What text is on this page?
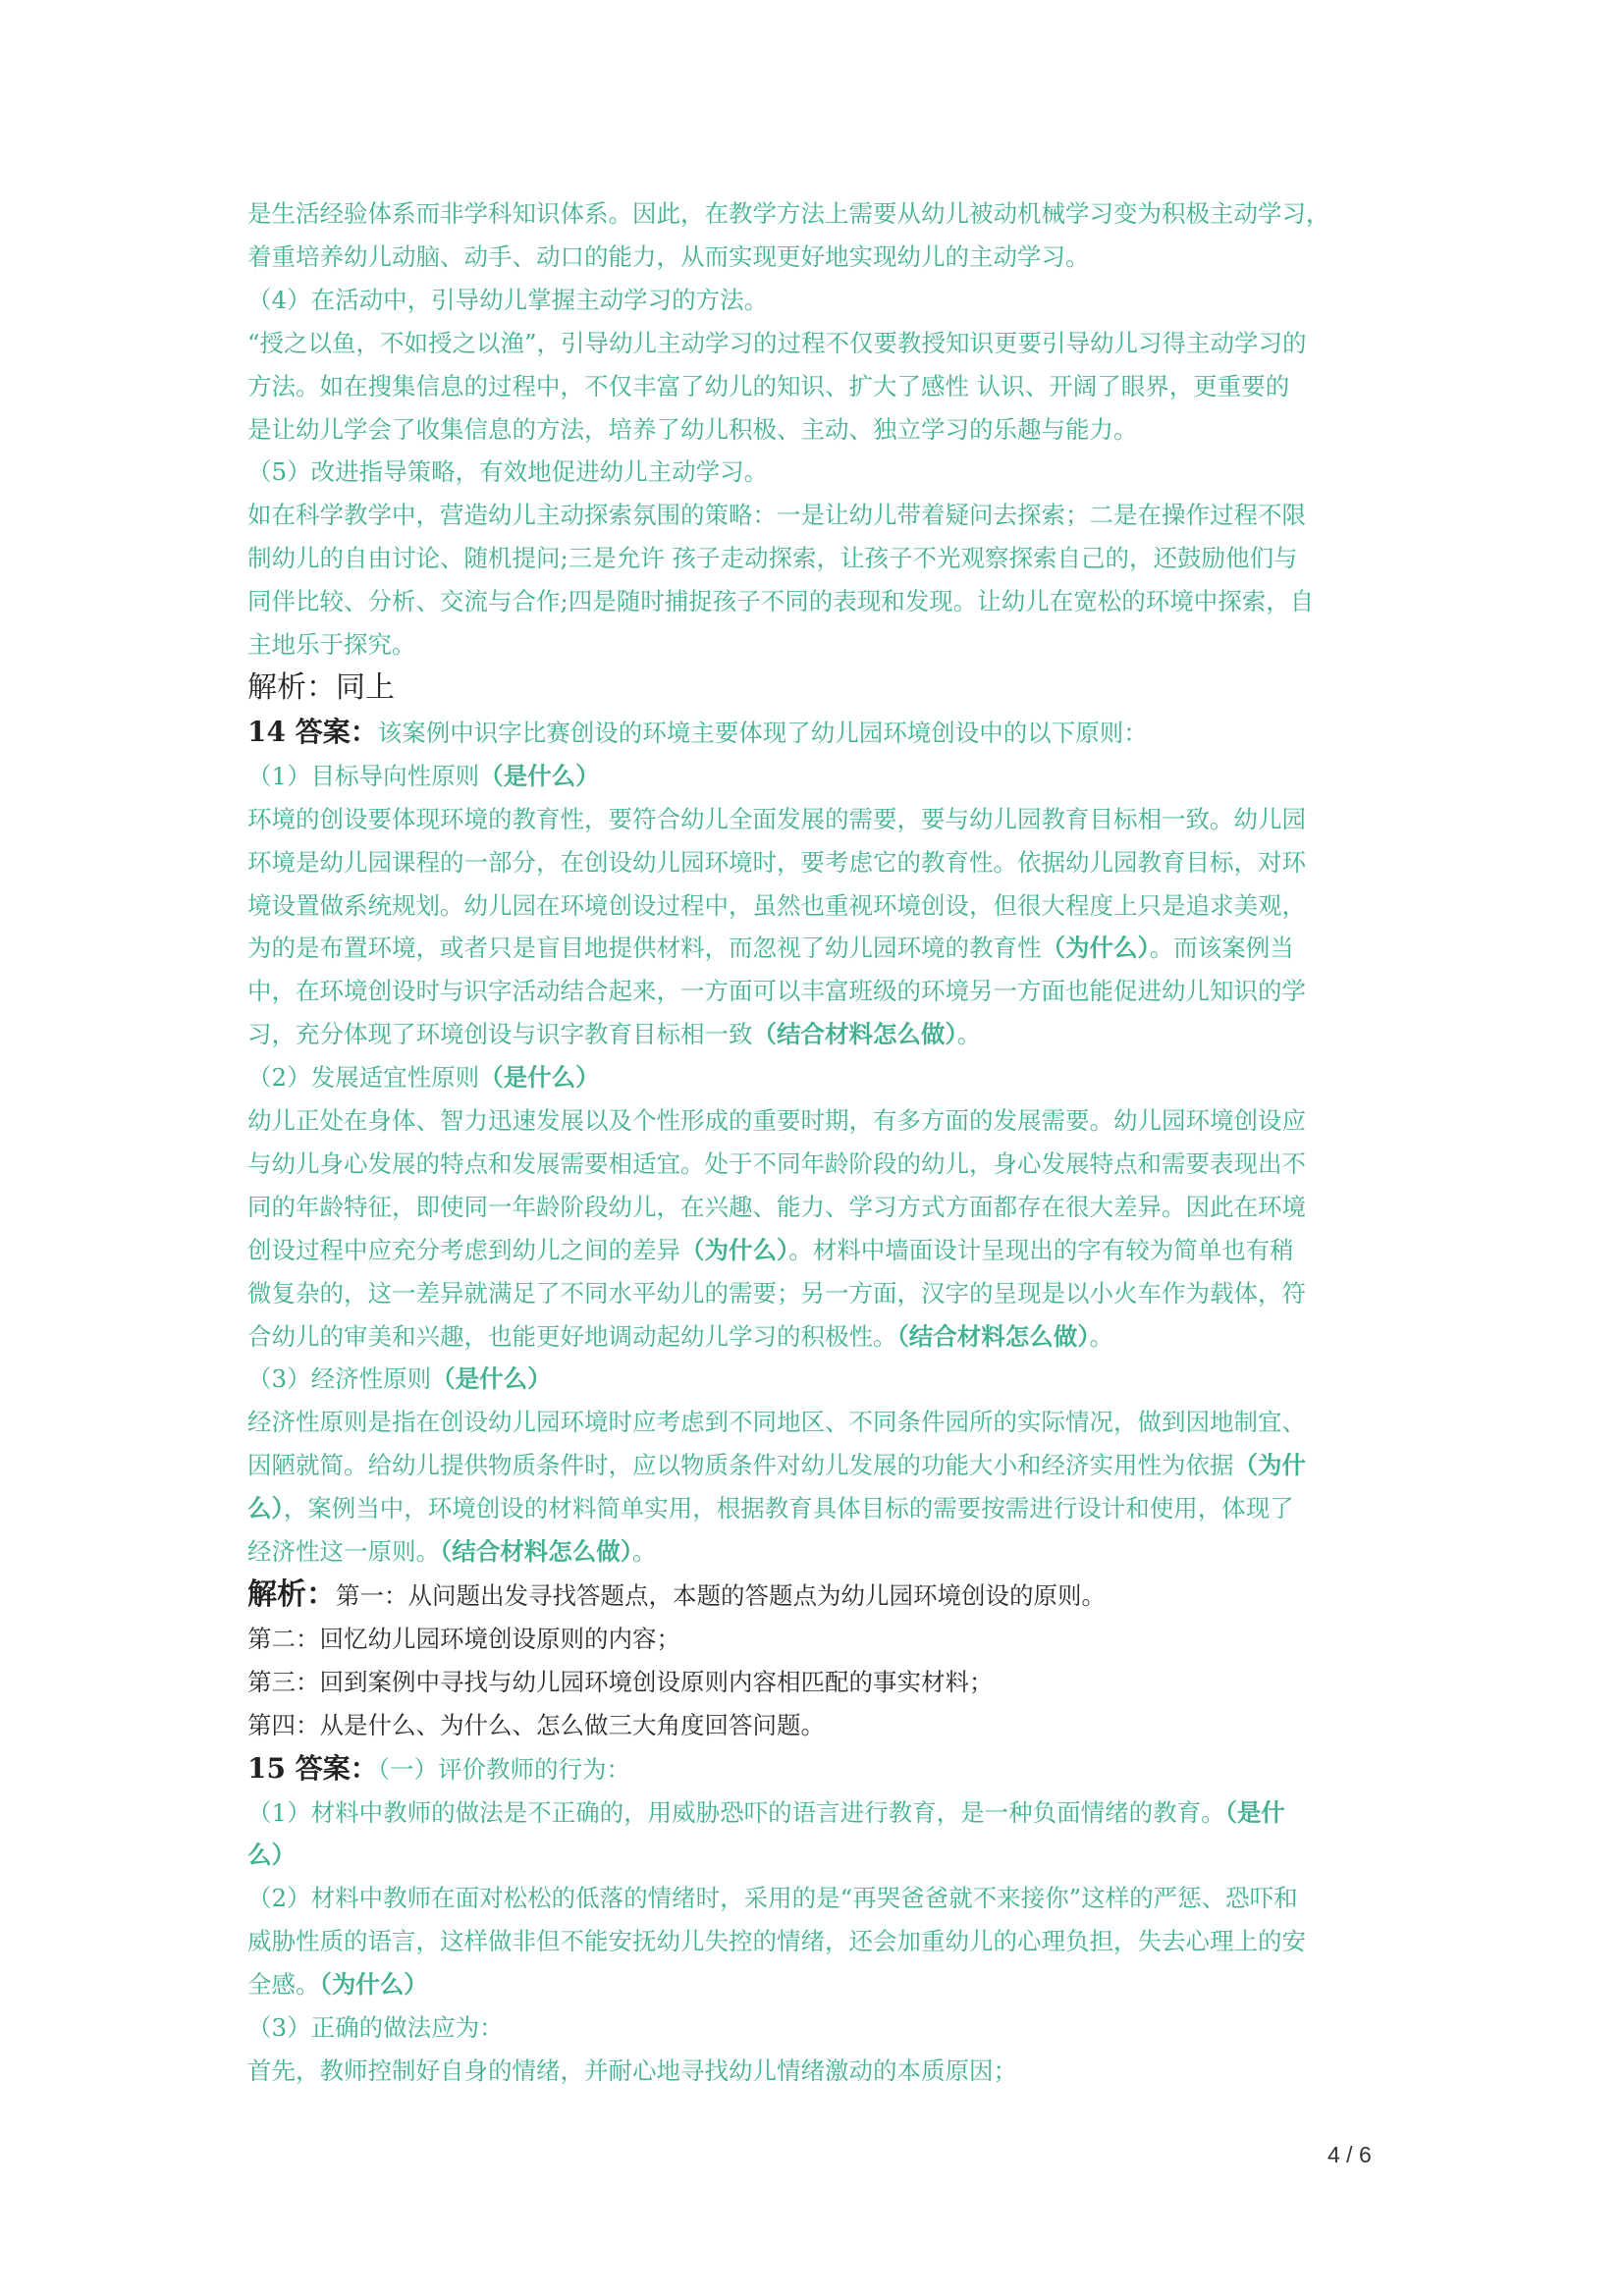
是生活经验体系而非学科知识体系。因此，在教学方法上需要从幼儿被动机械学习变为积极主动学习，

着重培养幼儿动脑、动手、动口的能力，从而实现更好地实现幼儿的主动学习。

（4）在活动中，引导幼儿掌握主动学习的方法。

“授之以鱼，不如授之以渔”，引导幼儿主动学习的过程不仅要教授知识更要引导幼儿习得主动学习的

方法。如在搜集信息的过程中，不仅丰富了幼儿的知识、扩大了感性 认识、开阔了眼界，更重要的

是让幼儿学会了收集信息的方法，培养了幼儿积极、主动、独立学习的乐趣与能力。

（5）改进指导策略，有效地促进幼儿主动学习。

如在科学教学中，营造幼儿主动探索氛围的策略：一是让幼儿带着疑问去探索；二是在操作过程不限

制幼儿的自由讨论、随机提问;三是允许 孩子走动探索，让孩子不光观察探索自己的，还鼓励他们与

同伴比较、分析、交流与合作;四是随时捕捉孩子不同的表现和发现。让幼儿在宽松的环境中探索，自

主地乐于探究。

解析：同上

14 答案：该案例中识字比赛创设的环境主要体现了幼儿园环境创设中的以下原则：

（1）目标导向性原则（是什么）

环境的创设要体现环境的教育性，要符合幼儿全面发展的需要，要与幼儿园教育目标相一致。幼儿园

环境是幼儿园课程的一部分，在创设幼儿园环境时，要考虑它的教育性。依据幼儿园教育目标，对环

境设置做系统规划。幼儿园在环境创设过程中，虽然也重视环境创设，但很大程度上只是追求美观，

为的是布置环境，或者只是盲目地提供材料，而忽视了幼儿园环境的教育性（为什么）。而该案例当

中，在环境创设时与识字活动结合起来，一方面可以丰富班级的环境另一方面也能促进幼儿知识的学

习，充分体现了环境创设与识字教育目标相一致（结合材料怎么做）。

（2）发展适宜性原则（是什么）

幼儿正处在身体、智力迅速发展以及个性形成的重要时期，有多方面的发展需要。幼儿园环境创设应

与幼儿身心发展的特点和发展需要相适宜。处于不同年龄阶段的幼儿，身心发展特点和需要表现出不

同的年龄特征，即使同一年龄阶段幼儿，在兴趣、能力、学习方式方面都存在很大差异。因此在环境

创设过程中应充分考虑到幼儿之间的差异（为什么）。材料中墙面设计呈现出的字有较为简单也有稍

微复杂的，这一差异就满足了不同水平幼儿的需要；另一方面，汉字的呈现是以小火车作为载体，符

合幼儿的审美和兴趣，也能更好地调动起幼儿学习的积极性。（结合材料怎么做）。

（3）经济性原则（是什么）

经济性原则是指在创设幼儿园环境时应考虑到不同地区、不同条件园所的实际情况，做到因地制宜、

因陋就简。给幼儿提供物质条件时，应以物质条件对幼儿发展的功能大小和经济实用性为依据（为什

么），案例当中，环境创设的材料简单实用，根据教育具体目标的需要按需进行设计和使用，体现了

经济性这一原则。（结合材料怎么做）。

解析：第一：从问题出发寻找答题点，本题的答题点为幼儿园环境创设的原则。

第二：回忆幼儿园环境创设原则的内容；

第三：回到案例中寻找与幼儿园环境创设原则内容相匹配的事实材料；

第四：从是什么、为什么、怎么做三大角度回答问题。

15 答案：（一）评价教师的行为：

（1）材料中教师的做法是不正确的，用威胁恐吓的语言进行教育，是一种负面情绪的教育。（是什

么）

（2）材料中教师在面对松松的低落的情绪时，采用的是“再哭爸爸就不来接你”这样的严惩、恐吓和

威胁性质的语言，这样做非但不能安抚幼儿失控的情绪，还会加重幼儿的心理负担，失去心理上的安

全感。（为什么）

（3）正确的做法应为：

首先，教师控制好自身的情绪，并耐心地寻找幼儿情绪激动的本质原因；

4 / 6
